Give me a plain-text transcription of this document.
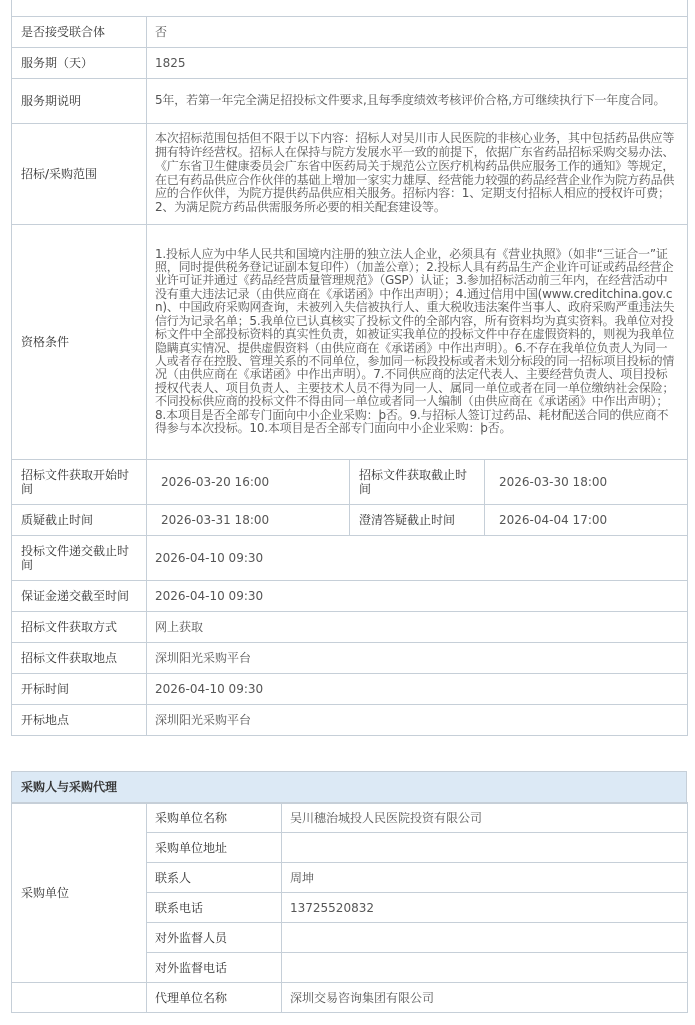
是否接受联合体	否		
服务期（天）	1825		
服务期说明	5年，若第一年完全满足招投标文件要求,且每季度绩效考核评价合格,方可继续执行下一年度合同。		
招标/采购范围	本次招标范围包括但不限于以下内容：招标人对吴川市人民医院的非核心业务，其中包括药品供应等拥有特许经营权。招标人在保持与院方发展水平一致的前提下，依据广东省药品招标采购交易办法、《广东省卫生健康委员会广东省中医药局关于规范公立医疗机构药品供应服务工作的通知》等规定，在已有药品供应合作伙伴的基础上增加一家实力雄厚、经营能力较强的药品经营企业作为院方药品供应的合作伙伴，为院方提供药品供应相关服务。招标内容：1、定期支付招标人相应的授权许可费；2、为满足院方药品供需服务所必要的相关配套建设等。		
资格条件	1.投标人应为中华人民共和国境内注册的独立法人企业，必须具有《营业执照》（如非“三证合一”证照，同时提供税务登记证副本复印件）（加盖公章）；2.投标人具有药品生产企业许可证或药品经营企业许可证并通过《药品经营质量管理规范》（GSP）认证；3.参加招标活动前三年内，在经营活动中没有重大违法记录（由供应商在《承诺函》中作出声明）；4.通过信用中国(www.creditchina.gov.cn)、中国政府采购网查询，未被列入失信被执行人、重大税收违法案件当事人、政府采购严重违法失信行为记录名单；5.我单位已认真核实了投标文件的全部内容，所有资料均为真实资料。我单位对投标文件中全部投标资料的真实性负责，如被证实我单位的投标文件中存在虚假资料的，则视为我单位隐瞒真实情况、提供虚假资料（由供应商在《承诺函》中作出声明）。6.不存在我单位负责人为同一人或者存在控股、管理关系的不同单位，参加同一标段投标或者未划分标段的同一招标项目投标的情况（由供应商在《承诺函》中作出声明）。7.不同供应商的法定代表人、主要经营负责人、项目投标授权代表人、项目负责人、主要技术人员不得为同一人、属同一单位或者在同一单位缴纳社会保险；不同投标供应商的投标文件不得由同一单位或者同一人编制（由供应商在《承诺函》中作出声明）；8.本项目是否全部专门面向中小企业采购：þ否。9.与招标人签订过药品、耗材配送合同的供应商不得参与本次投标。10.本项目是否全部专门面向中小企业采购：þ否。		
招标文件获取开始时间	2026-03-20 16:00	招标文件获取截止时间	2026-03-30 18:00
质疑截止时间	2026-03-31 18:00	澄清答疑截止时间	2026-04-04 17:00
投标文件递交截止时间	2026-04-10 09:30		
保证金递交截至时间	2026-04-10 09:30		
招标文件获取方式	网上获取		
招标文件获取地点	深圳阳光采购平台		
开标时间	2026-04-10 09:30		
开标地点	深圳阳光采购平台		
采购人与采购代理
采购单位	采购单位名称	吴川穗治城投人民医院投资有限公司
	采购单位地址	
	联系人	周坤
	联系电话	13725520832
	对外监督人员	
	对外监督电话	
	代理单位名称	深圳交易咨询集团有限公司
